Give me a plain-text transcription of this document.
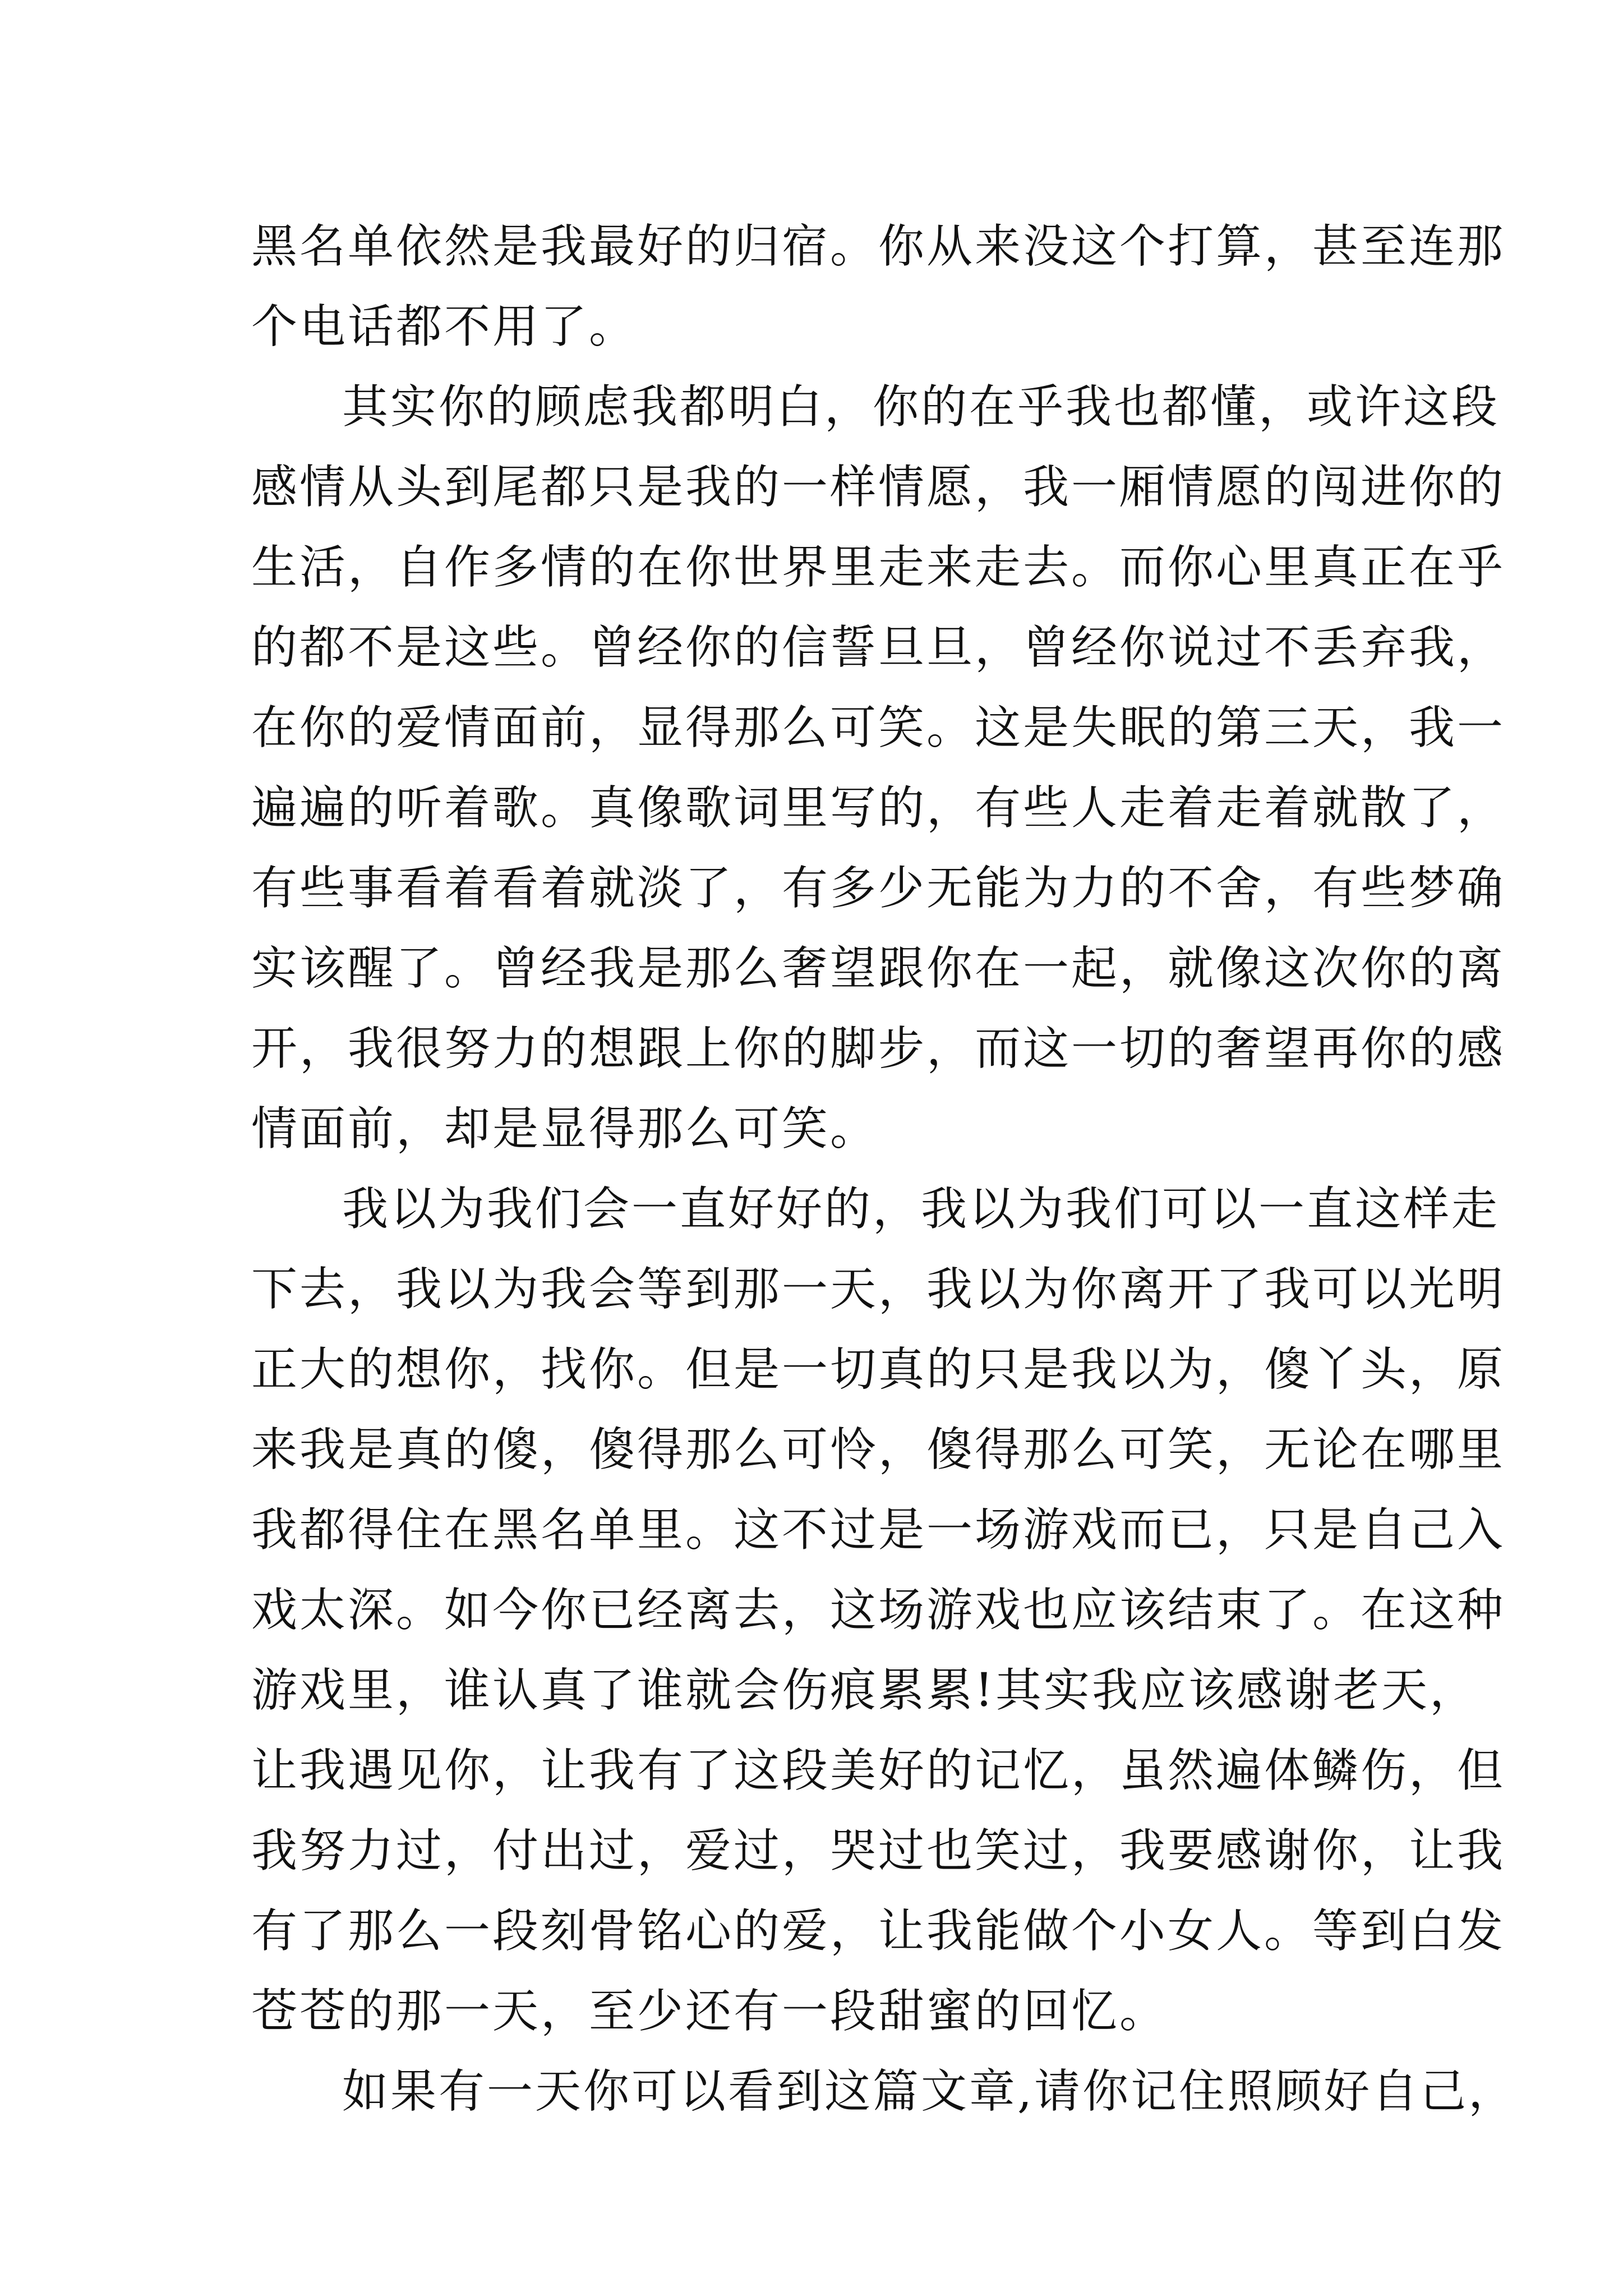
黑名单依然是我最好的归宿。你从来没这个打算，甚至连那
个电话都不用了。
其实你的顾虑我都明白，你的在乎我也都懂，或许这段
感情从头到尾都只是我的一样情愿，我一厢情愿的闯进你的
生活，自作多情的在你世界里走来走去。而你心里真正在乎
的都不是这些。曾经你的信誓旦旦，曾经你说过不丢弃我，
在你的爱情面前，显得那么可笑。这是失眠的第三天，我一
遍遍的听着歌。真像歌词里写的，有些人走着走着就散了，
有些事看着看着就淡了，有多少无能为力的不舍，有些梦确
实该醒了。曾经我是那么奢望跟你在一起，就像这次你的离
开，我很努力的想跟上你的脚步，而这一切的奢望再你的感
情面前，却是显得那么可笑。
我以为我们会一直好好的，我以为我们可以一直这样走
下去，我以为我会等到那一天，我以为你离开了我可以光明
正大的想你，找你。但是一切真的只是我以为，傻丫头，原
来我是真的傻，傻得那么可怜，傻得那么可笑，无论在哪里
我都得住在黑名单里。这不过是一场游戏而已，只是自己入
戏太深。如今你已经离去，这场游戏也应该结束了。在这种
游戏里，谁认真了谁就会伤痕累累!其实我应该感谢老天，
让我遇见你，让我有了这段美好的记忆，虽然遍体鳞伤，但
我努力过，付出过，爱过，哭过也笑过，我要感谢你，让我
有了那么一段刻骨铭心的爱，让我能做个小女人。等到白发
苍苍的那一天，至少还有一段甜蜜的回忆。
如果有一天你可以看到这篇文章,请你记住照顾好自己，
